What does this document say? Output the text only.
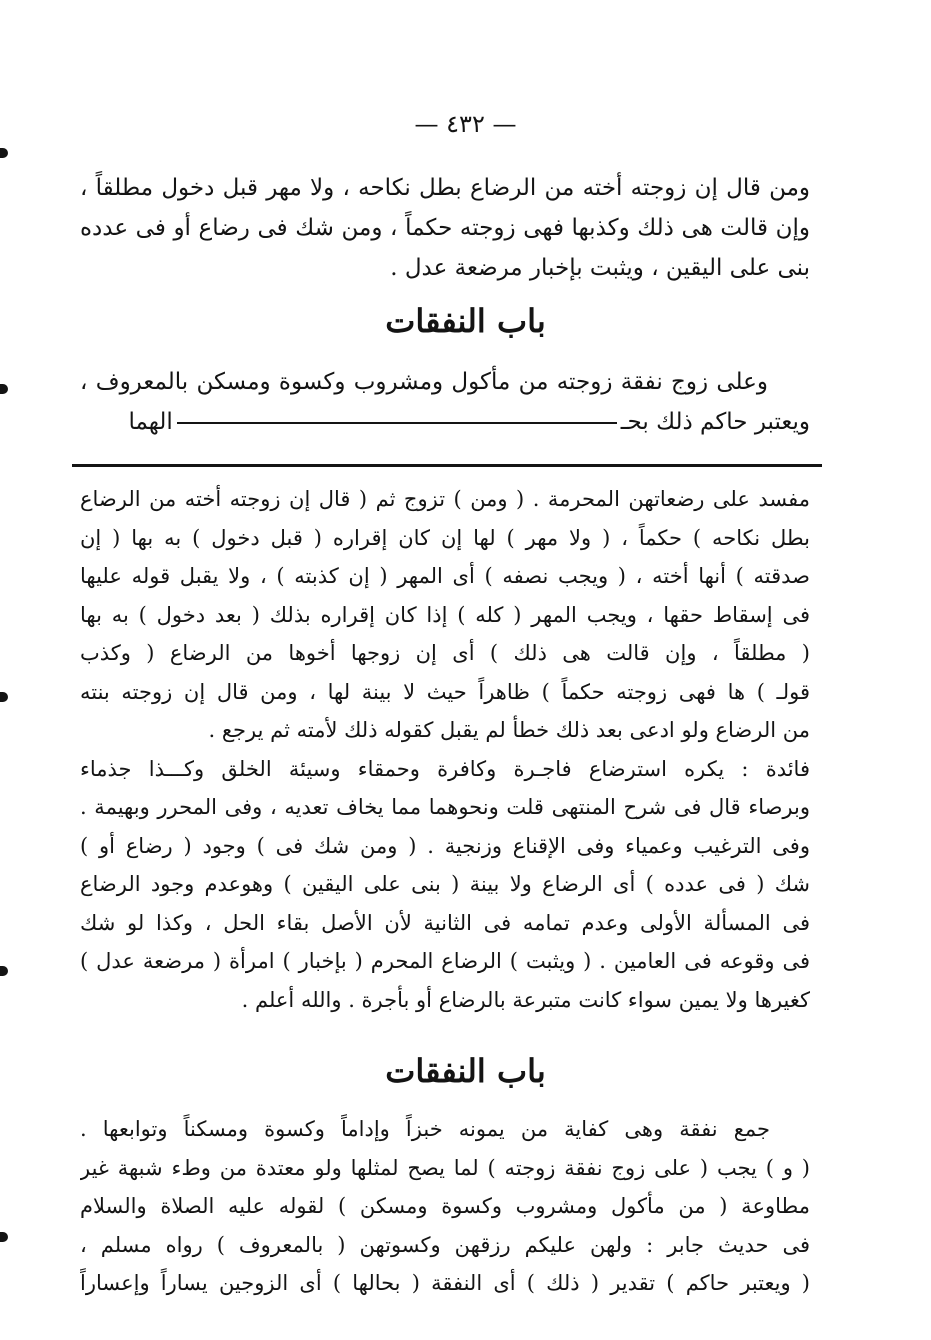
— ٤٣٢ —
ومن قال إن زوجته أخته من الرضاع بطل نكاحه ، ولا مهر قبل دخول مطلقاً ،
وإن قالت هى ذلك وكذبها فهى زوجته حكماً ، ومن شك فى رضاع أو فى عدده
بنى على اليقين ، ويثبت بإخبار مرضعة عدل .
باب النفقات
وعلى زوج نفقة زوجته من مأكول ومشروب وكسوة ومسكن بالمعروف ،
ويعتبر حاكم ذلك بحـالهما
مفسد على رضعاتهن المحرمة . ( ومن ) تزوج ثم ( قال إن زوجته أخته من الرضاع
بطل نكاحه ) حكماً ، ( ولا مهر ) لها إن كان إقراره ( قبل دخول ) به بها ( إن
صدقته ) أنها أخته ، ( ويجب نصفه ) أى المهر ( إن كذبته ) ، ولا يقبل قوله عليها
فى إسقاط حقها ، ويجب المهر ( كله ) إذا كان إقراره بذلك ( بعد دخول ) به بها
( مطلقاً ، وإن قالت هى ذلك ) أى إن زوجها أخوها من الرضاع ( وكذب
قولـ ) ها فهى زوجته حكماً ) ظاهراً حيث لا بينة لها ، ومن قال إن زوجته بنته
من الرضاع ولو ادعى بعد ذلك خطأ لم يقبل كقوله ذلك لأمته ثم يرجع .
فائدة : يكره استرضاع فاجـرة وكافرة وحمقاء وسيئة الخلق وكـــذا جذماء
وبرصاء قال فى شرح المنتهى قلت ونحوهما مما يخاف تعديه ، وفى المحرر وبهيمة .
وفى الترغيب وعمياء وفى الإقناع وزنجية . ( ومن شك فى ) وجود ( رضاع أو )
شك ( فى عدده ) أى الرضاع ولا بينة ( بنى على اليقين ) وهوعدم وجود الرضاع
فى المسألة الأولى وعدم تمامه فى الثانية لأن الأصل بقاء الحل ، وكذا لو شك
فى وقوعه فى العامين . ( ويثبت ) الرضاع المحرم ( بإخبار ) امرأة ( مرضعة عدل )
كغيرها ولا يمين سواء كانت متبرعة بالرضاع أو بأجرة . والله أعلم .
باب النفقات
جمع نفقة وهى كفاية من يمونه خبزاً وإداماً وكسوة ومسكناً وتوابعها .
( و ) يجب ( على زوج نفقة زوجته ) لما يصح لمثلها ولو معتدة من وطء شبهة غير
مطاوعة ( من مأكول ومشروب وكسوة ومسكن ) لقوله عليه الصلاة والسلام
فى حديث جابر : ولهن عليكم رزقهن وكسوتهن ( بالمعروف ) رواه مسلم ،
( ويعتبر حاكم ) تقدير ( ذلك ) أى النفقة ( بحالها ) أى الزوجين يساراً وإعساراً
